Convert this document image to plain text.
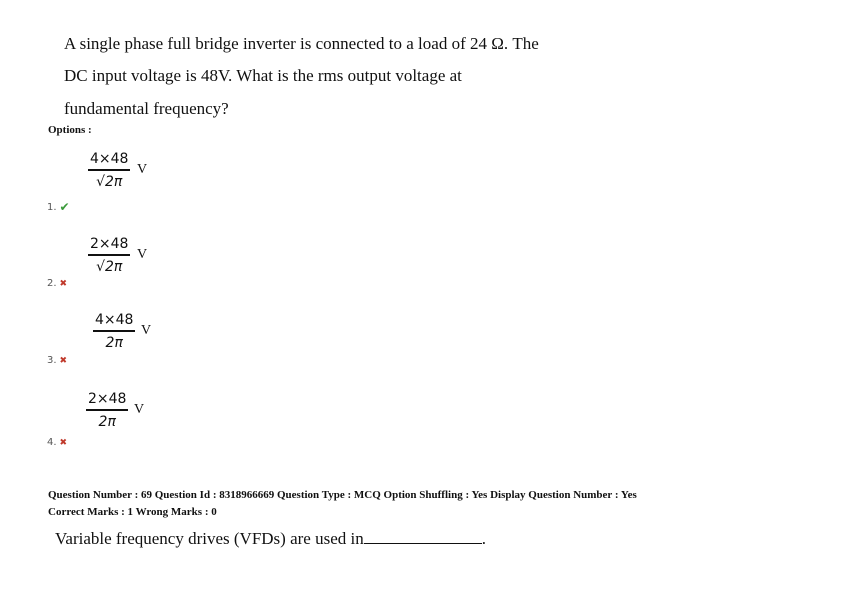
A single phase full bridge inverter is connected to a load of 24 Ω. The
DC input voltage is 48V. What is the rms output voltage at
fundamental frequency?
Options :
4×48
√2π
V
1. ✔
2×48
√2π
V
2. ✖
4×48
2π
V
3. ✖
2×48
2π
V
4. ✖
Question Number : 69 Question Id : 8318966669 Question Type : MCQ Option Shuffling : Yes Display Question Number : Yes
Correct Marks : 1 Wrong Marks : 0
Variable frequency drives (VFDs) are used in	.
